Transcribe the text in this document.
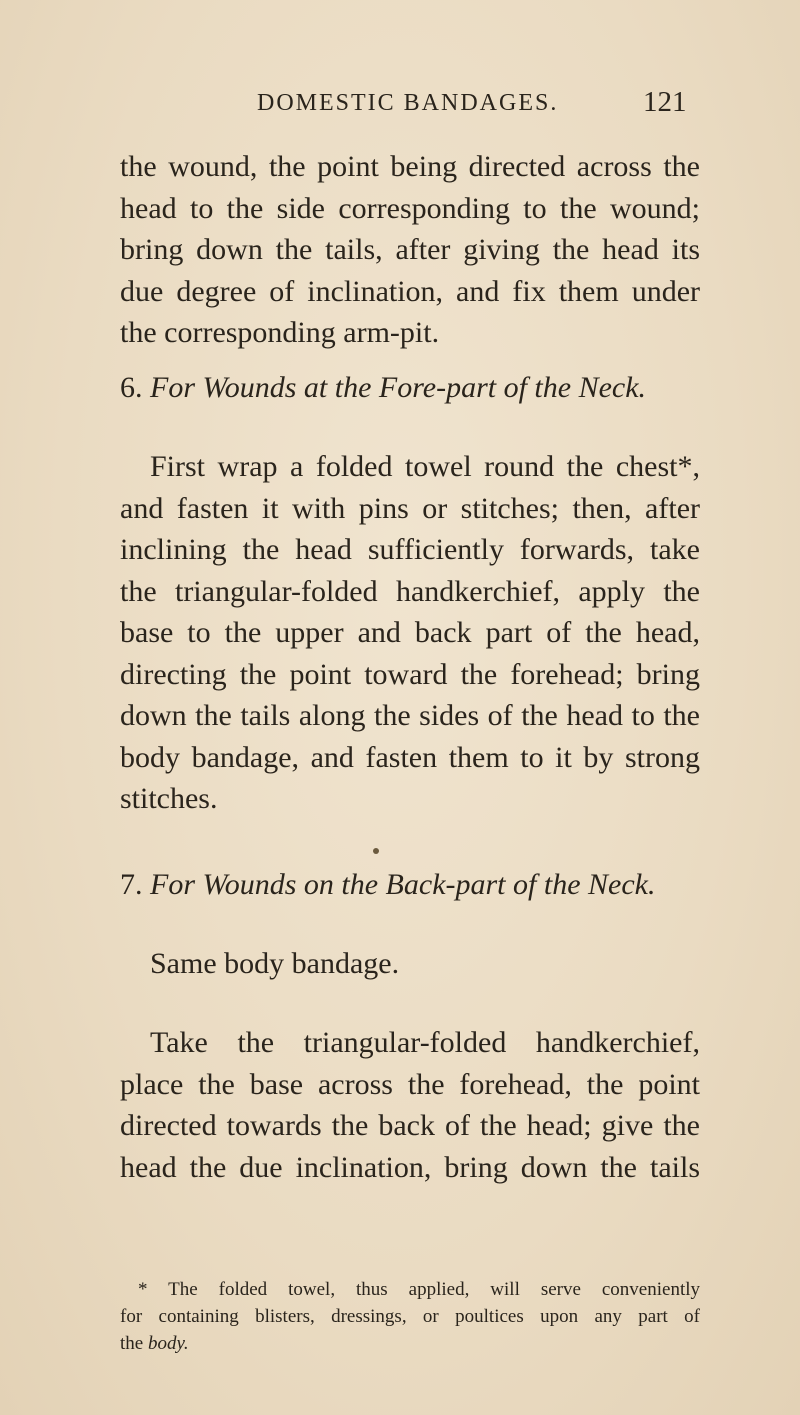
DOMESTIC BANDAGES.	121

the wound, the point being directed across the
head to the side corresponding to the wound;
bring down the tails, after giving the head its
due degree of inclination, and fix them under
the corresponding arm-pit.

6. For Wounds at the Fore-part of the Neck.

First wrap a folded towel round the chest*,
and fasten it with pins or stitches; then, after
inclining the head sufficiently forwards, take
the triangular-folded handkerchief, apply the
base to the upper and back part of the head,
directing the point toward the forehead; bring
down the tails along the sides of the head to the
body bandage, and fasten them to it by strong
stitches.

7. For Wounds on the Back-part of the Neck.

Same body bandage.

Take the triangular-folded handkerchief,
place the base across the forehead, the point
directed towards the back of the head; give the
head the due inclination, bring down the tails

* The folded towel, thus applied, will serve conveniently
for containing blisters, dressings, or poultices upon any part of
the body.
